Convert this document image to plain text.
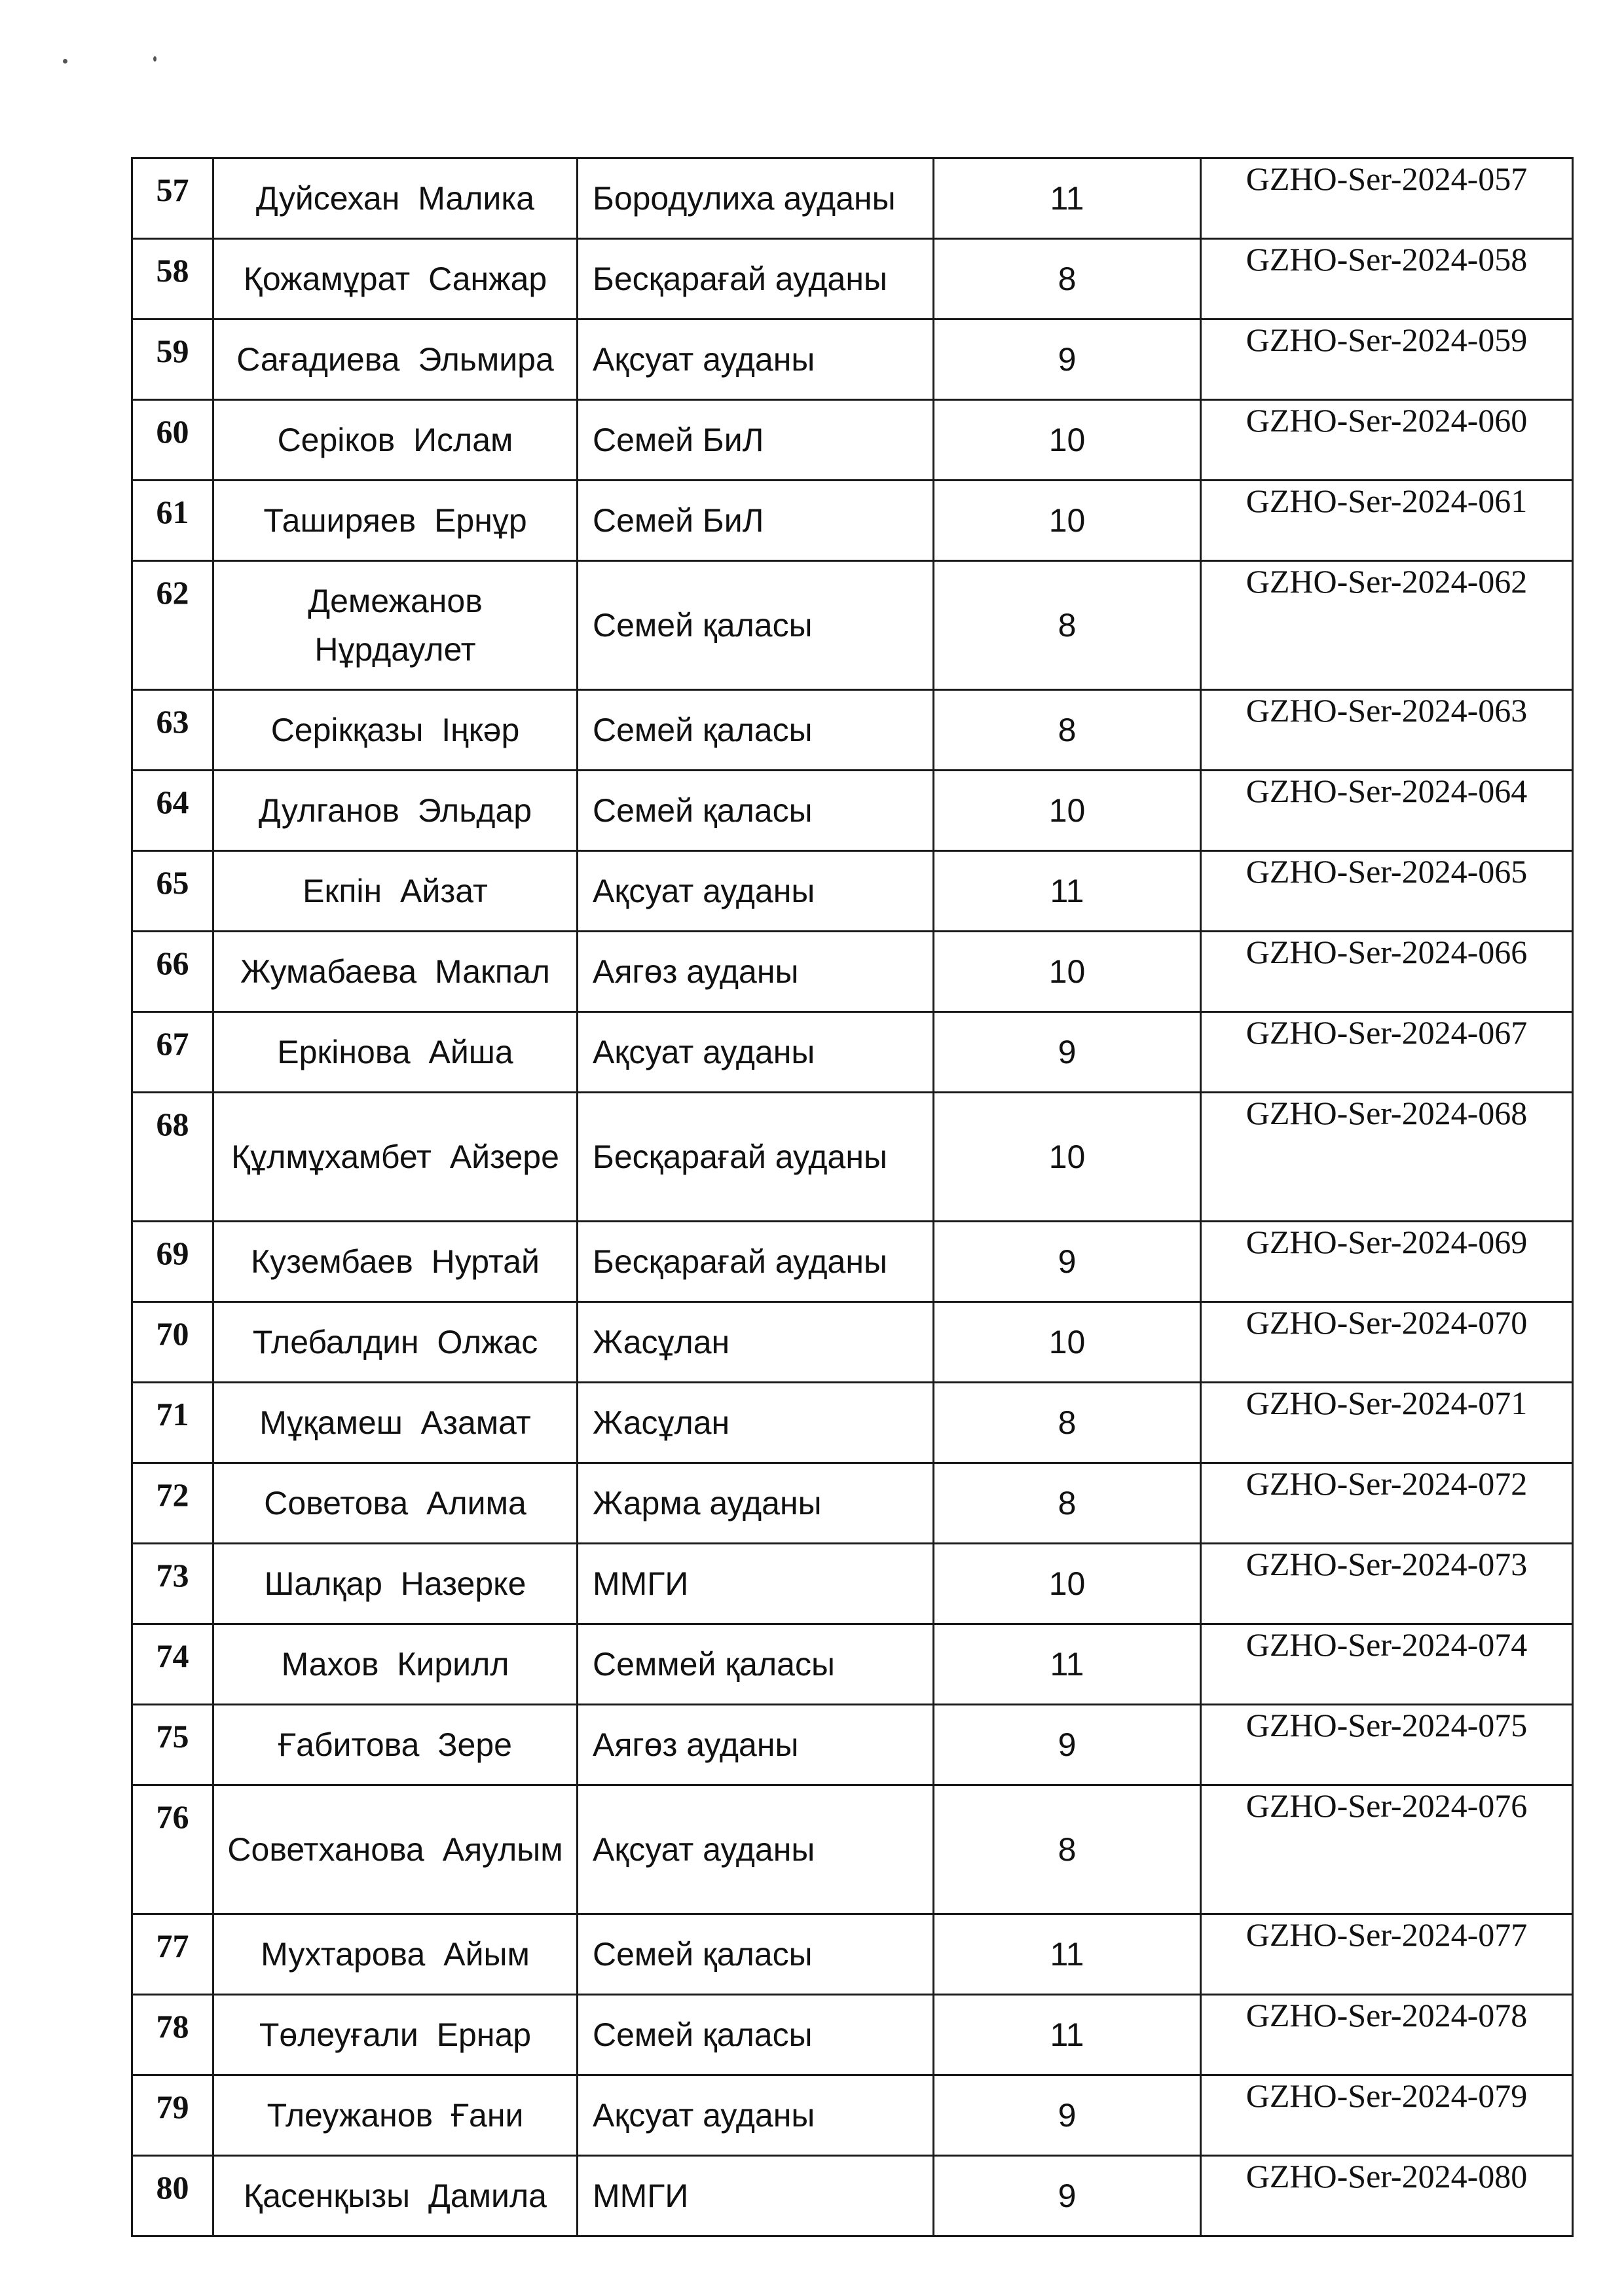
57	Дуйсехан Малика	Бородулиха ауданы	11	GZHO-Ser-2024-057
58	Қожамұрат Санжар	Бесқарағай ауданы	8	GZHO-Ser-2024-058
59	Сағадиева Эльмира	Ақсуат ауданы	9	GZHO-Ser-2024-059
60	Серіков Ислам	Семей БиЛ	10	GZHO-Ser-2024-060
61	Таширяев Ернұр	Семей БиЛ	10	GZHO-Ser-2024-061
62	Демежанов Нұрдаулет	Семей қаласы	8	GZHO-Ser-2024-062
63	Серікқазы Іңкәр	Семей қаласы	8	GZHO-Ser-2024-063
64	Дулганов Эльдар	Семей қаласы	10	GZHO-Ser-2024-064
65	Екпін Айзат	Ақсуат ауданы	11	GZHO-Ser-2024-065
66	Жумабаева Макпал	Аягөз ауданы	10	GZHO-Ser-2024-066
67	Еркінова Айша	Ақсуат ауданы	9	GZHO-Ser-2024-067
68	Құлмұхамбет Айзере	Бесқарағай ауданы	10	GZHO-Ser-2024-068
69	Кузембаев Нуртай	Бесқарағай ауданы	9	GZHO-Ser-2024-069
70	Тлебалдин Олжас	Жасұлан	10	GZHO-Ser-2024-070
71	Мұқамеш Азамат	Жасұлан	8	GZHO-Ser-2024-071
72	Советова Алима	Жарма ауданы	8	GZHO-Ser-2024-072
73	Шалқар Назерке	ММГИ	10	GZHO-Ser-2024-073
74	Махов Кирилл	Семмей қаласы	11	GZHO-Ser-2024-074
75	Ғабитова Зере	Аягөз ауданы	9	GZHO-Ser-2024-075
76	Советханова Аяулым	Ақсуат ауданы	8	GZHO-Ser-2024-076
77	Мухтарова Айым	Семей қаласы	11	GZHO-Ser-2024-077
78	Төлеуғали Ернар	Семей қаласы	11	GZHO-Ser-2024-078
79	Тлеужанов Ғани	Ақсуат ауданы	9	GZHO-Ser-2024-079
80	Қасенқызы Дамила	ММГИ	9	GZHO-Ser-2024-080
